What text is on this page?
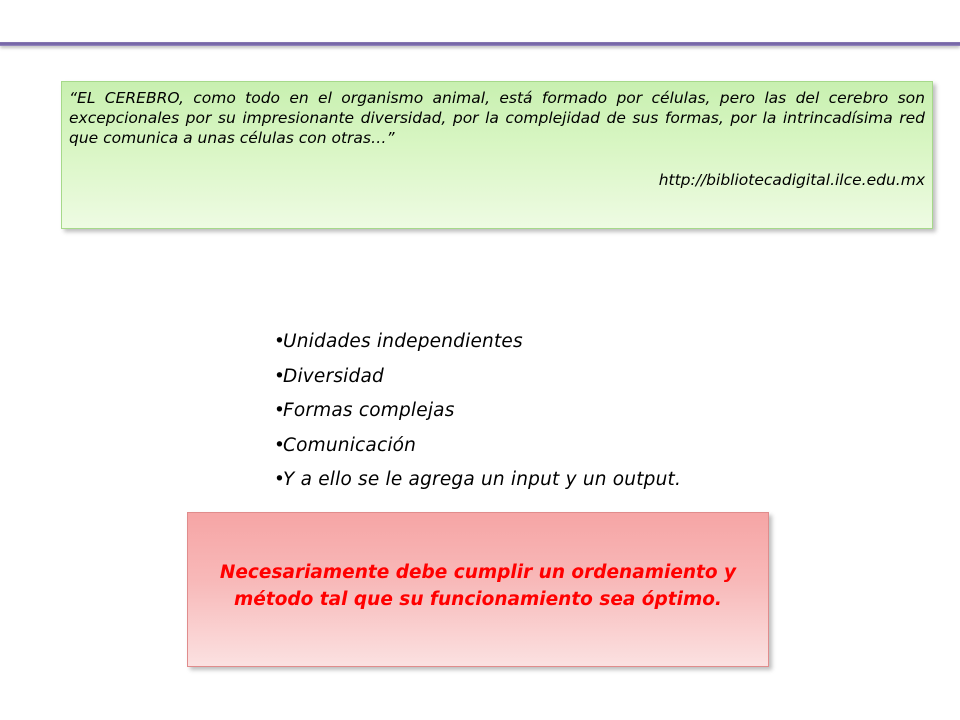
“EL CEREBRO, como todo en el organismo animal, está formado por células, pero las del cerebro son excepcionales por su impresionante diversidad, por la complejidad de sus formas, por la intrincadísima red que comunica a unas células con otras…”

http://bibliotecadigital.ilce.edu.mx

•
Unidades independientes
•
Diversidad
•
Formas complejas
•
Comunicación
•
Y a ello se le agrega un input y un output.

Necesariamente debe cumplir un ordenamiento y
método tal que su funcionamiento sea óptimo.
